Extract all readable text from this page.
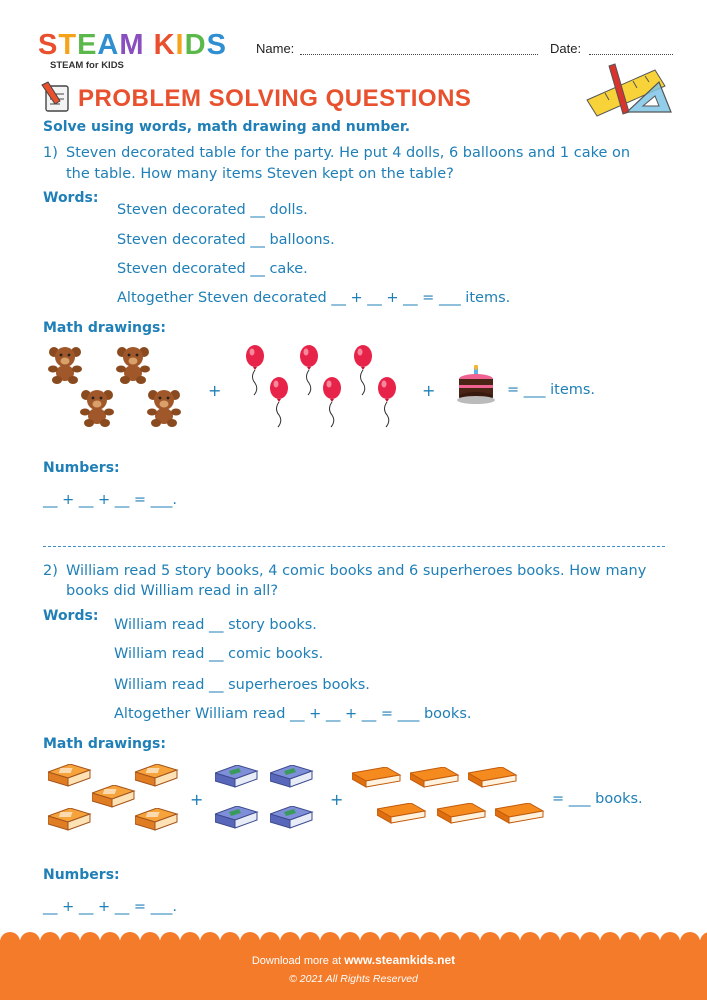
STEAM KIDS
STEAM for KIDS
Name:	Date:
PROBLEM SOLVING QUESTIONS
Solve using words, math drawing and number.
1) Steven decorated table for the party. He put 4 dolls, 6 balloons and 1 cake on
the table. How many items Steven kept on the table?
Words:
Steven decorated __ dolls.
Steven decorated __ balloons.
Steven decorated __ cake.
Altogether Steven decorated __ + __ + __ = ___ items.
Math drawings:
+	+	= ___ items.
Numbers:
__ + __ + __ = ___.
2) William read 5 story books, 4 comic books and 6 superheroes books. How many
books did William read in all?
Words:
William read __ story books.
William read __ comic books.
William read __ superheroes books.
Altogether William read __ + __ + __ = ___ books.
Math drawings:
+	+	= ___ books.
Numbers:
__ + __ + __ = ___.
Download more at www.steamkids.net
© 2021 All Rights Reserved
